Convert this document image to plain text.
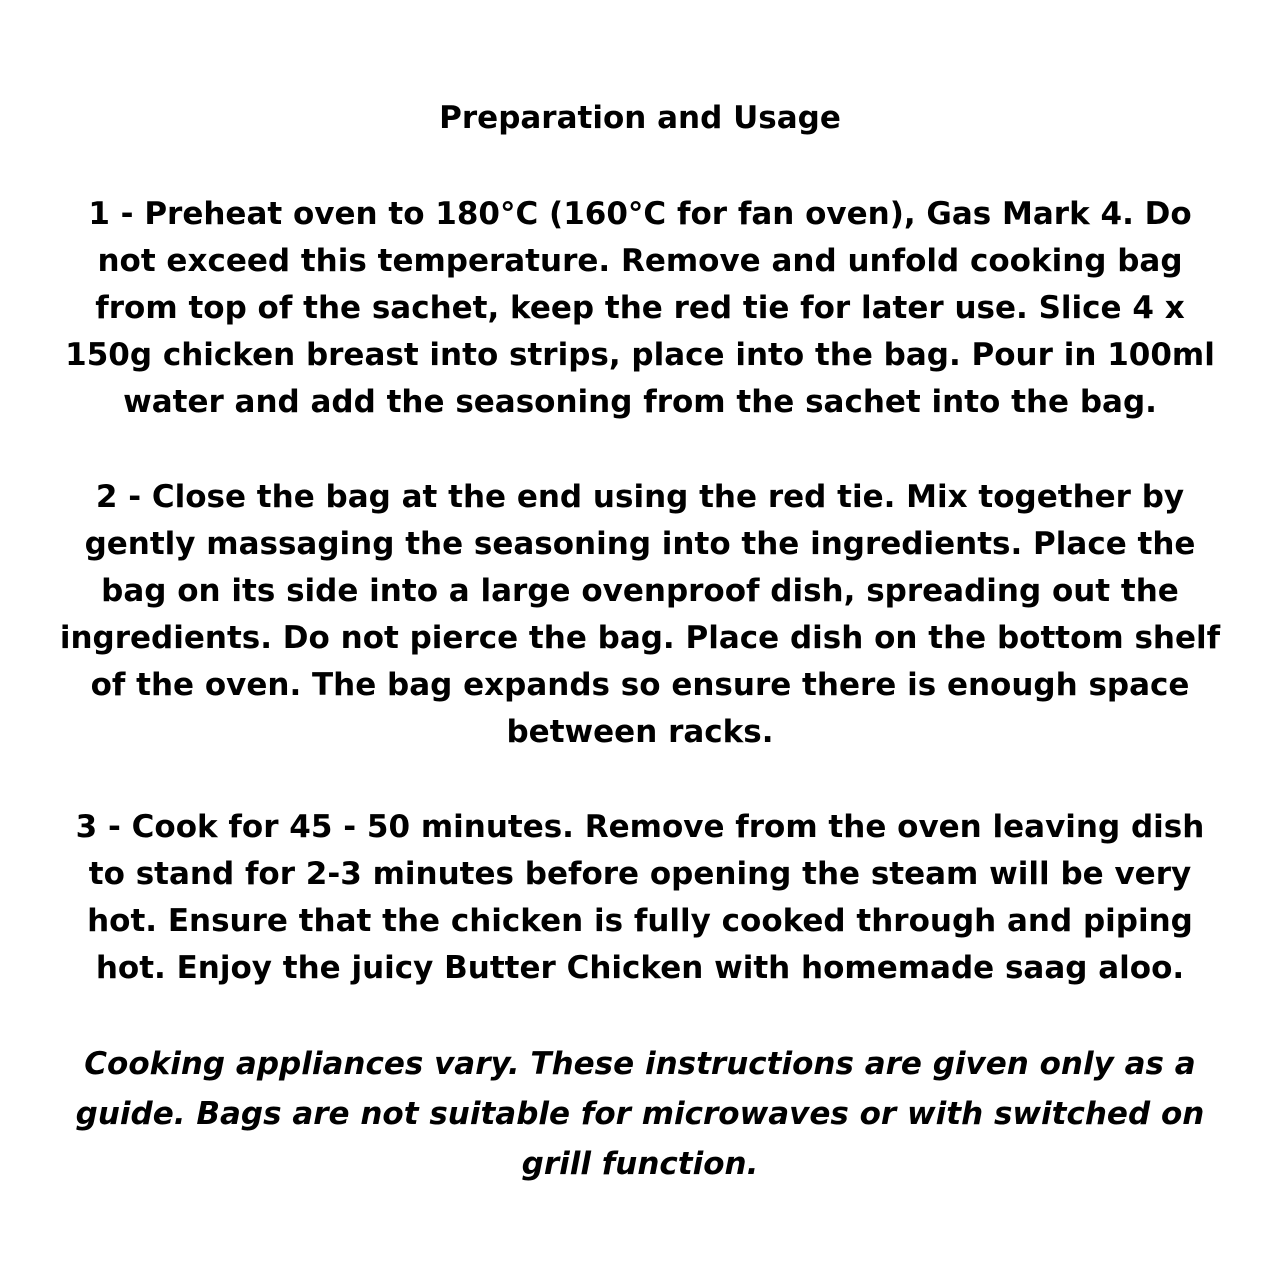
Preparation and Usage

1 - Preheat oven to 180°C (160°C for fan oven), Gas Mark 4. Do not exceed this temperature. Remove and unfold cooking bag from top of the sachet, keep the red tie for later use. Slice 4 x 150g chicken breast into strips, place into the bag. Pour in 100ml water and add the seasoning from the sachet into the bag.

2 - Close the bag at the end using the red tie. Mix together by gently massaging the seasoning into the ingredients. Place the bag on its side into a large ovenproof dish, spreading out the ingredients. Do not pierce the bag. Place dish on the bottom shelf of the oven. The bag expands so ensure there is enough space between racks.

3 - Cook for 45 - 50 minutes. Remove from the oven leaving dish to stand for 2-3 minutes before opening the steam will be very hot. Ensure that the chicken is fully cooked through and piping hot. Enjoy the juicy Butter Chicken with homemade saag aloo.

Cooking appliances vary. These instructions are given only as a guide. Bags are not suitable for microwaves or with switched on grill function.
